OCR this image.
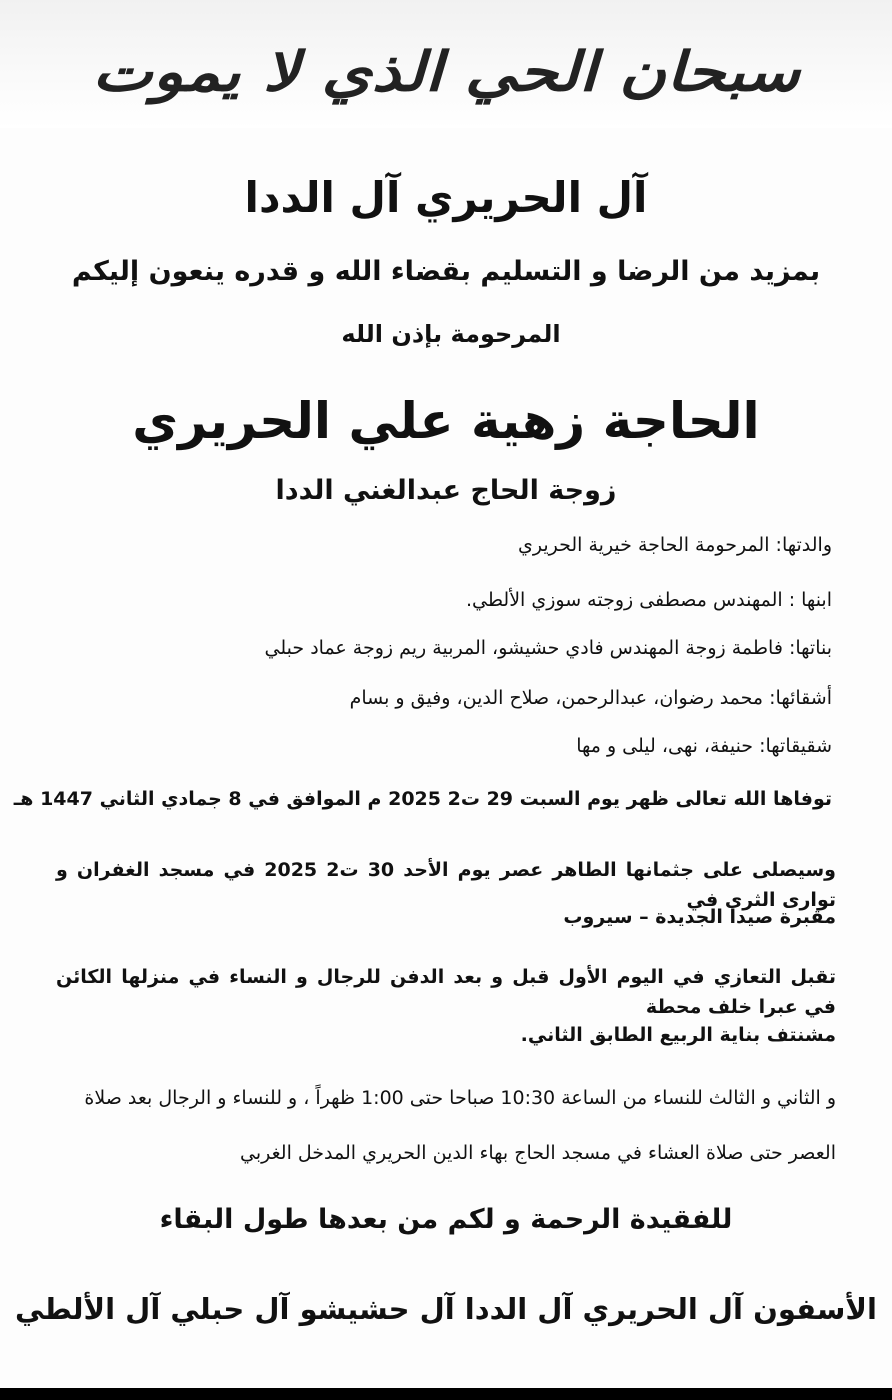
سبحان الحي الذي لا يموت
آل الحريري آل الددا
بمزيد من الرضا و التسليم بقضاء الله و قدره ينعون إليكم
المرحومة بإذن الله
الحاجة زهية علي الحريري
زوجة الحاج عبدالغني الددا
والدتها: المرحومة الحاجة خيرية الحريري
ابنها : المهندس مصطفى زوجته سوزي الألطي.
بناتها: فاطمة زوجة المهندس فادي حشيشو، المربية ريم زوجة عماد حبلي
أشقائها: محمد رضوان، عبدالرحمن، صلاح الدين، وفيق و بسام
شقيقاتها: حنيفة، نهى، ليلى و مها
توفاها الله تعالى ظهر يوم السبت 29 ت2 2025 م الموافق في 8 جمادي الثاني 1447 هـ
وسيصلى على جثمانها الطاهر عصر يوم الأحد 30 ت2 2025 في مسجد الغفران و توارى الثرى في
مقبرة صيدا الجديدة – سيروب
تقبل التعازي في اليوم الأول قبل و بعد الدفن للرجال و النساء في منزلها الكائن في عبرا خلف محطة
مشنتف بناية الربيع الطابق الثاني.
و الثاني و الثالث للنساء من الساعة 10:30 صباحا حتى 1:00 ظهراً ، و للنساء و الرجال بعد صلاة
العصر حتى صلاة العشاء في مسجد الحاج بهاء الدين الحريري المدخل الغربي
للفقيدة الرحمة و لكم من بعدها طول البقاء
الأسفون آل الحريري آل الددا آل حشيشو آل حبلي آل الألطي
